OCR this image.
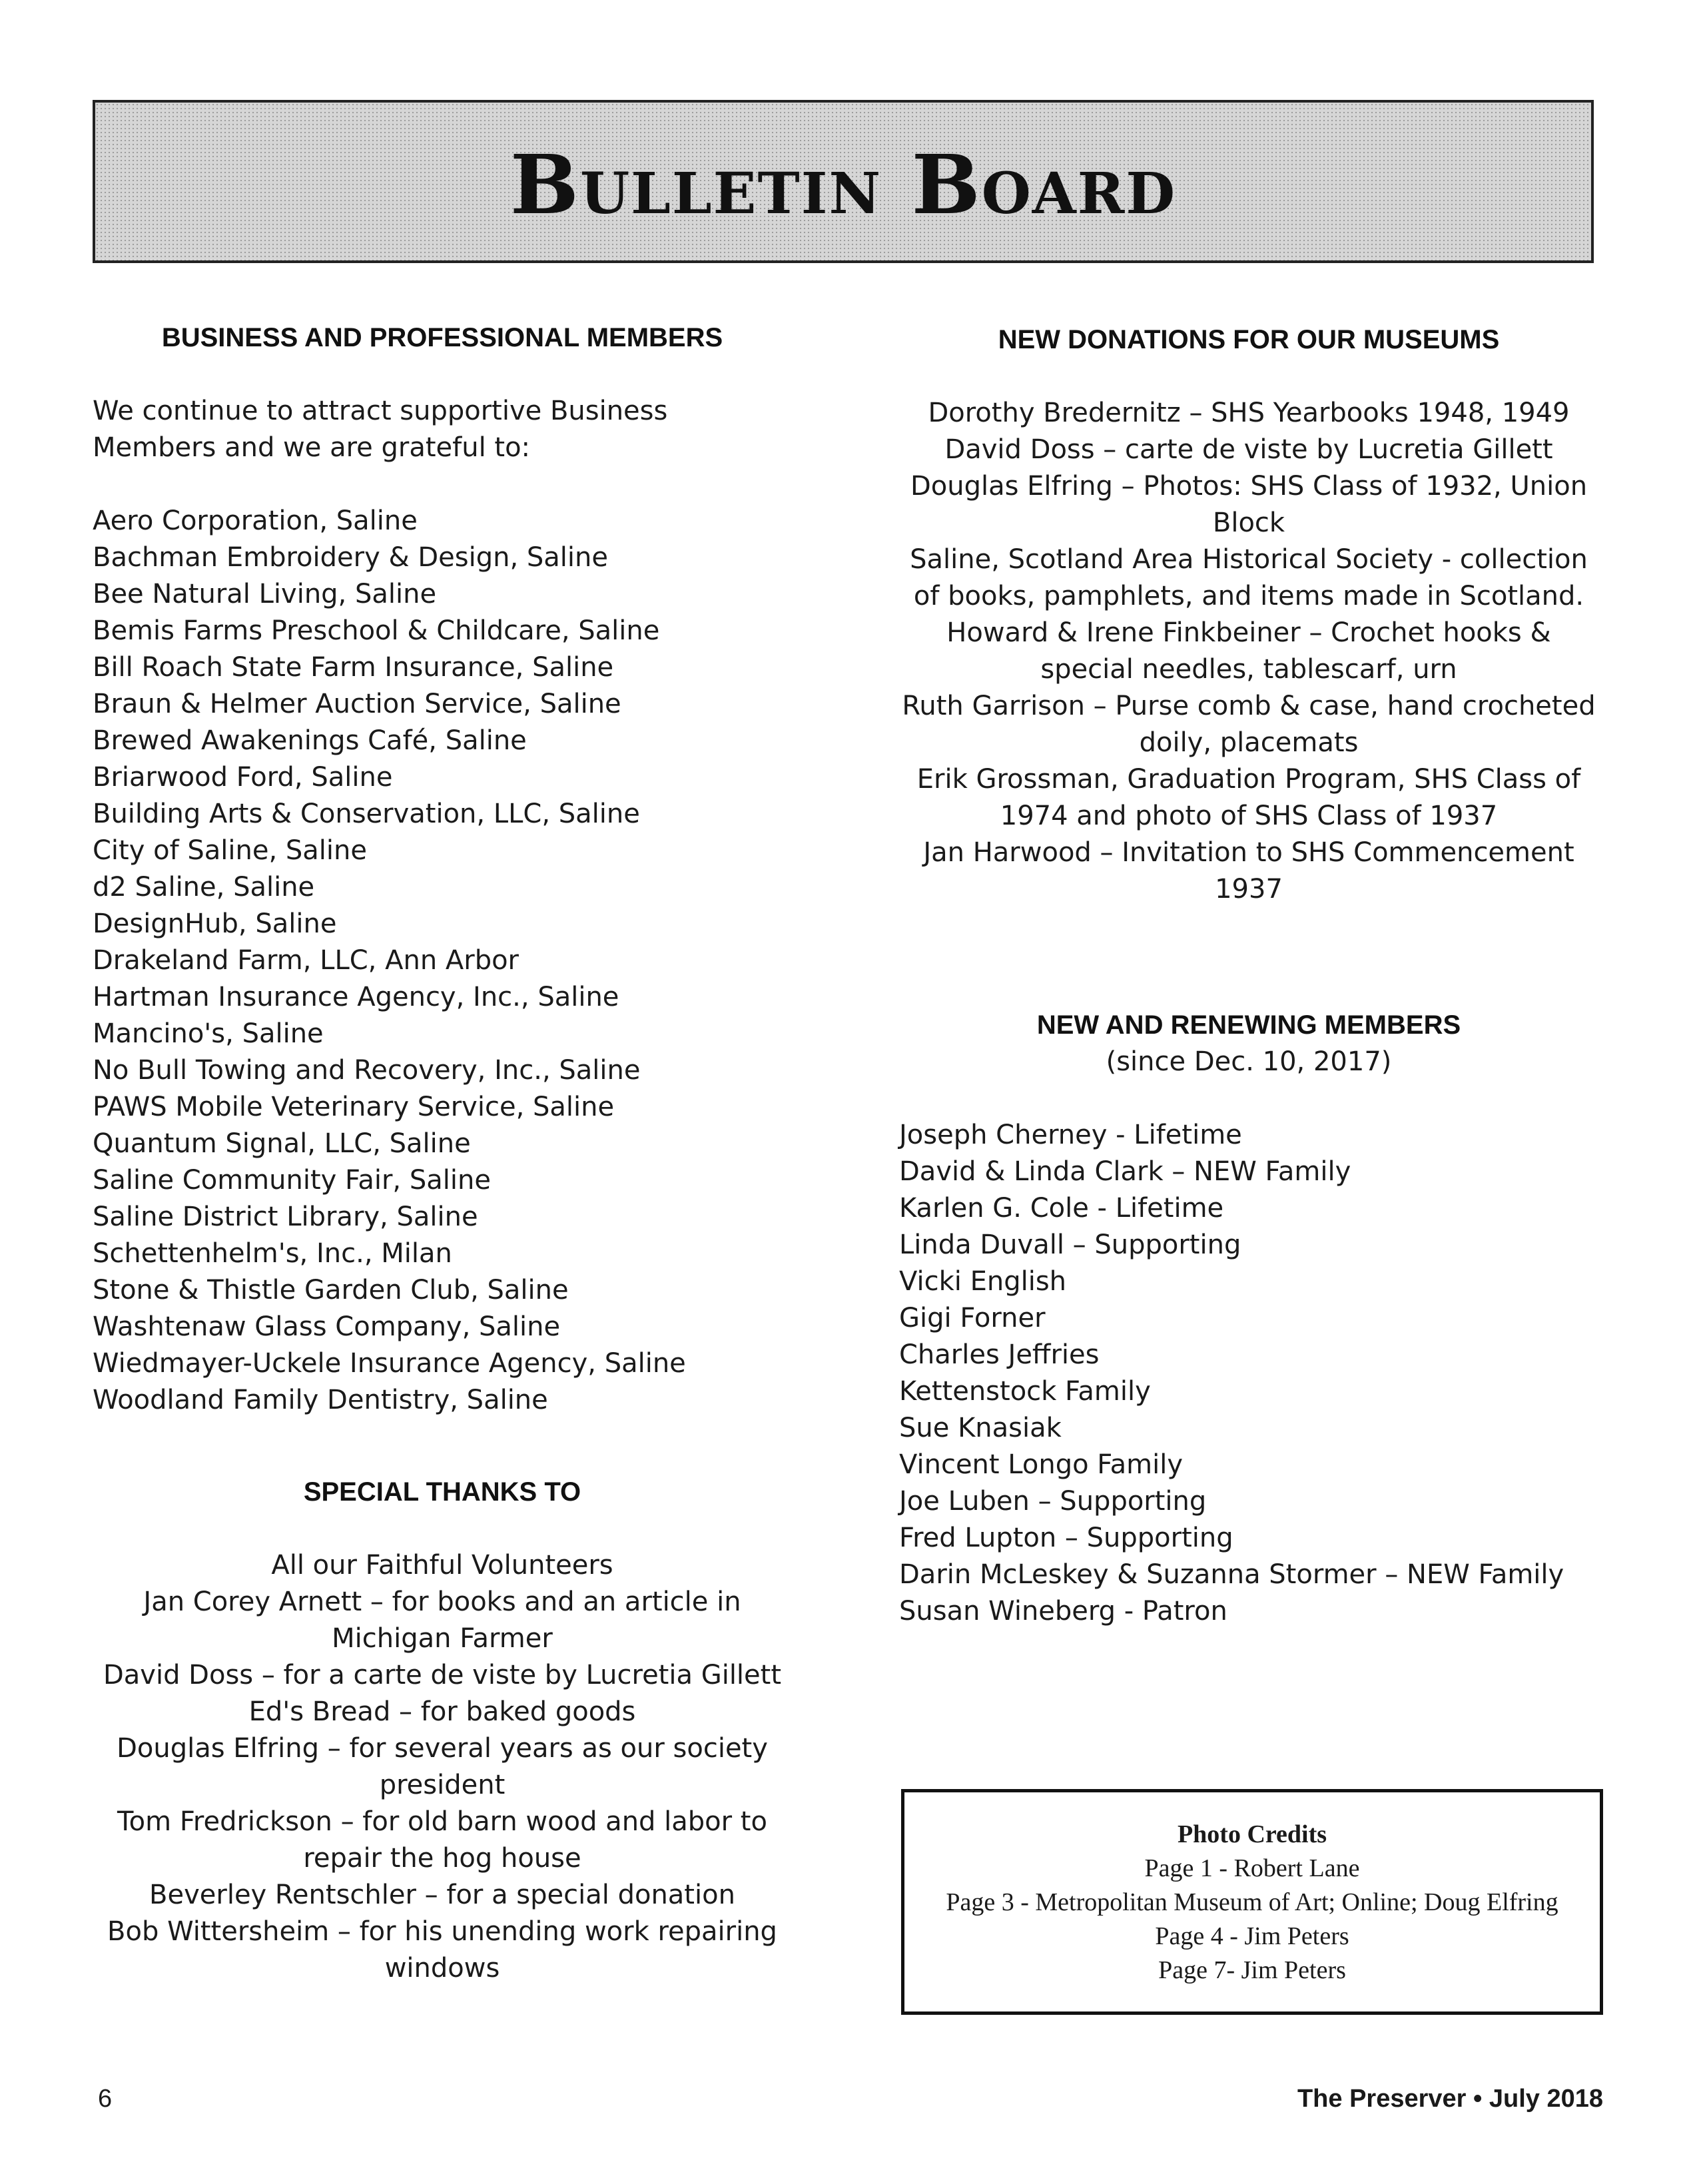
Bulletin Board
BUSINESS AND PROFESSIONAL MEMBERS
We continue to attract supportive Business Members and we are grateful to:
Aero Corporation, Saline
Bachman Embroidery & Design, Saline
Bee Natural Living, Saline
Bemis Farms Preschool & Childcare, Saline
Bill Roach State Farm Insurance, Saline
Braun & Helmer Auction Service, Saline
Brewed Awakenings Café, Saline
Briarwood Ford, Saline
Building Arts & Conservation, LLC, Saline
City of Saline, Saline
d2 Saline, Saline
DesignHub, Saline
Drakeland Farm, LLC, Ann Arbor
Hartman Insurance Agency, Inc., Saline
Mancino's, Saline
No Bull Towing and Recovery, Inc., Saline
PAWS Mobile Veterinary Service, Saline
Quantum Signal, LLC, Saline
Saline Community Fair, Saline
Saline District Library, Saline
Schettenhelm's, Inc., Milan
Stone & Thistle Garden Club, Saline
Washtenaw Glass Company, Saline
Wiedmayer-Uckele Insurance Agency, Saline
Woodland Family Dentistry, Saline
SPECIAL THANKS TO
All our Faithful Volunteers
Jan Corey Arnett – for books and an article in Michigan Farmer
David Doss – for a carte de viste by Lucretia Gillett
Ed's Bread – for baked goods
Douglas Elfring – for several years as our society president
Tom Fredrickson – for old barn wood and labor to repair the hog house
Beverley Rentschler – for a special donation
Bob Wittersheim – for his unending work repairing windows
NEW DONATIONS FOR OUR MUSEUMS
Dorothy Bredernitz – SHS Yearbooks 1948, 1949
David Doss – carte de viste by Lucretia Gillett
Douglas Elfring – Photos: SHS Class of 1932, Union Block
Saline, Scotland Area Historical Society - collection of books, pamphlets, and items made in Scotland.
Howard & Irene Finkbeiner – Crochet hooks & special needles, tablescarf, urn
Ruth Garrison – Purse comb & case, hand crocheted doily, placemats
Erik Grossman, Graduation Program, SHS Class of 1974 and photo of SHS Class of 1937
Jan Harwood – Invitation to SHS Commencement 1937
NEW AND RENEWING MEMBERS
(since Dec. 10, 2017)
Joseph Cherney - Lifetime
David & Linda Clark – NEW Family
Karlen G. Cole - Lifetime
Linda Duvall – Supporting
Vicki English
Gigi Forner
Charles Jeffries
Kettenstock Family
Sue Knasiak
Vincent Longo Family
Joe Luben – Supporting
Fred Lupton – Supporting
Darin McLeskey & Suzanna Stormer – NEW Family
Susan Wineberg - Patron
Photo Credits
Page 1 - Robert Lane
Page 3 - Metropolitan Museum of Art; Online; Doug Elfring
Page 4 - Jim Peters
Page 7- Jim Peters
6	The Preserver • July 2018
